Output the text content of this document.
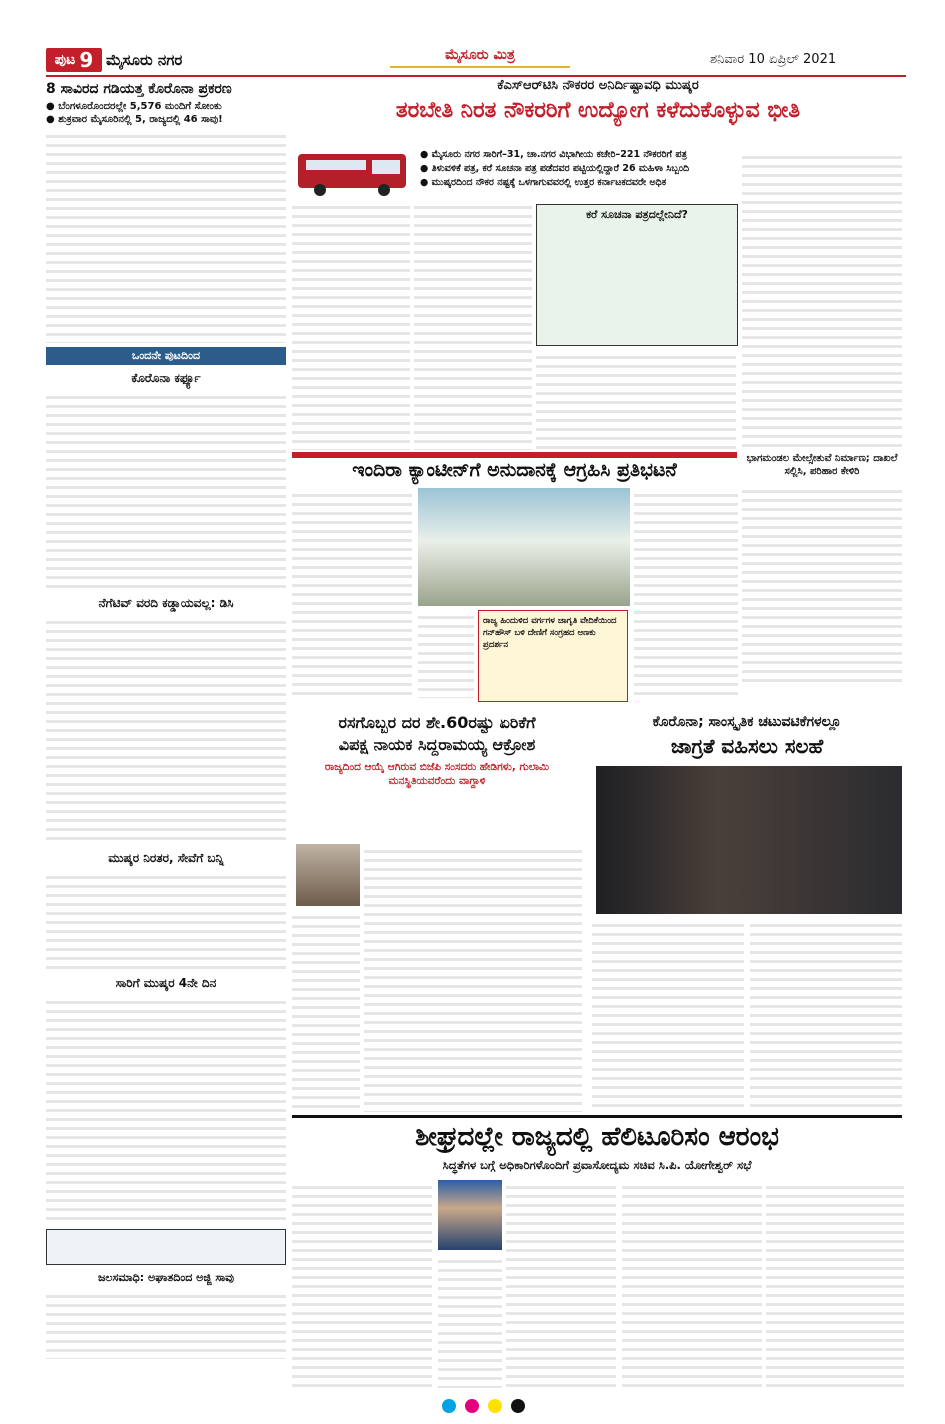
ಪುಟ 9 ಮೈಸೂರು ನಗರ	ಮೈಸೂರು ಮಿತ್ರ	ಶನಿವಾರ 10 ಏಪ್ರಿಲ್ 2021
8 ಸಾವಿರದ ಗಡಿಯತ್ತ ಕೊರೊನಾ ಪ್ರಕರಣ
● ಬೆಂಗಳೂರೊಂದರಲ್ಲೇ 5,576 ಮಂದಿಗೆ ಸೋಂಕು
● ಶುಕ್ರವಾರ ಮೈಸೂರಿನಲ್ಲಿ 5, ರಾಜ್ಯದಲ್ಲಿ 46 ಸಾವು!
ಒಂದನೇ ಪುಟದಿಂದ
ಕೊರೊನಾ ಕರ್ಫ್ಯೂ
ನೆಗೆಟಿವ್ ವರದಿ ಕಡ್ಡಾಯವಲ್ಲ: ಡಿಸಿ
ಮುಷ್ಕರ ನಿರತರ, ಸೇವೆಗೆ ಬನ್ನಿ
ಸಾರಿಗೆ ಮುಷ್ಕರ 4ನೇ ದಿನ
ಜಲಸಮಾಧಿ: ಅಘಾತದಿಂದ ಅಜ್ಜಿ ಸಾವು
ಕೆಎಸ್‌ಆರ್‌ಟಿಸಿ ನೌಕರರ ಅನಿರ್ದಿಷ್ಟಾವಧಿ ಮುಷ್ಕರ
ತರಬೇತಿ ನಿರತ ನೌಕರರಿಗೆ ಉದ್ಯೋಗ ಕಳೆದುಕೊಳ್ಳುವ ಭೀತಿ
● ಮೈಸೂರು ನಗರ ಸಾರಿಗೆ–31, ಚಾ.ನಗರ ವಿಭಾಗೀಯ ಕಚೇರಿ–221 ನೌಕರರಿಗೆ ಪತ್ರ
● ತಿಳುವಳಿಕೆ ಪತ್ರ, ಕರೆ ಸೂಚನಾ ಪತ್ರ ಪಡೆದವರ ಪಟ್ಟಿಯಲ್ಲಿದ್ದಾರೆ 26 ಮಹಿಳಾ ಸಿಬ್ಬಂದಿ
● ಮುಷ್ಕರದಿಂದ ನೌಕರ ನಷ್ಟಕ್ಕೆ ಒಳಗಾಗುವವರಲ್ಲಿ ಉತ್ತರ ಕರ್ನಾಟಕದವರೇ ಅಧಿಕ
ಕರೆ ಸೂಚನಾ ಪತ್ರದಲ್ಲೇನಿದೆ?
ಇಂದಿರಾ ಕ್ಯಾಂಟೀನ್‌ಗೆ ಅನುದಾನಕ್ಕೆ ಆಗ್ರಹಿಸಿ ಪ್ರತಿಭಟನೆ
ರಾಜ್ಯ ಹಿಂದುಳಿದ ವರ್ಗಗಳ ಜಾಗೃತಿ ವೇದಿಕೆಯಿಂದ ಗನ್‌ಹೌಸ್ ಬಳಿ ದೇಣಿಗೆ ಸಂಗ್ರಹದ ಆಣಕು ಪ್ರದರ್ಶನ
ಭಾಗಮಂಡಲ ಮೇಲ್ಸೇತುವೆ ನಿರ್ಮಾಣ; ದಾಖಲೆ ಸಲ್ಲಿಸಿ, ಪರಿಹಾರ ಕೇಳಿರಿ
ರಸಗೊಬ್ಬರ ದರ ಶೇ.60ರಷ್ಟು ಏರಿಕೆಗೆ
ವಿಪಕ್ಷ ನಾಯಕ ಸಿದ್ದರಾಮಯ್ಯ ಆಕ್ರೋಶ
ರಾಜ್ಯದಿಂದ ಆಯ್ಕೆ ಆಗಿರುವ ಬಿಜೆಪಿ ಸಂಸದರು ಹೇಡಿಗಳು, ಗುಲಾಮಿ ಮನಸ್ಥಿತಿಯವರೆಂದು ವಾಗ್ದಾಳಿ
ಕೊರೊನಾ; ಸಾಂಸ್ಕೃತಿಕ ಚಟುವಟಿಕೆಗಳಲ್ಲೂ
ಜಾಗ್ರತೆ ವಹಿಸಲು ಸಲಹೆ
ಶೀಘ್ರದಲ್ಲೇ ರಾಜ್ಯದಲ್ಲಿ ಹೆಲಿಟೂರಿಸಂ ಆರಂಭ
ಸಿದ್ಧತೆಗಳ ಬಗ್ಗೆ ಅಧಿಕಾರಿಗಳೊಂದಿಗೆ ಪ್ರವಾಸೋದ್ಯಮ ಸಚಿವ ಸಿ.ಪಿ. ಯೋಗೇಶ್ವರ್ ಸಭೆ
